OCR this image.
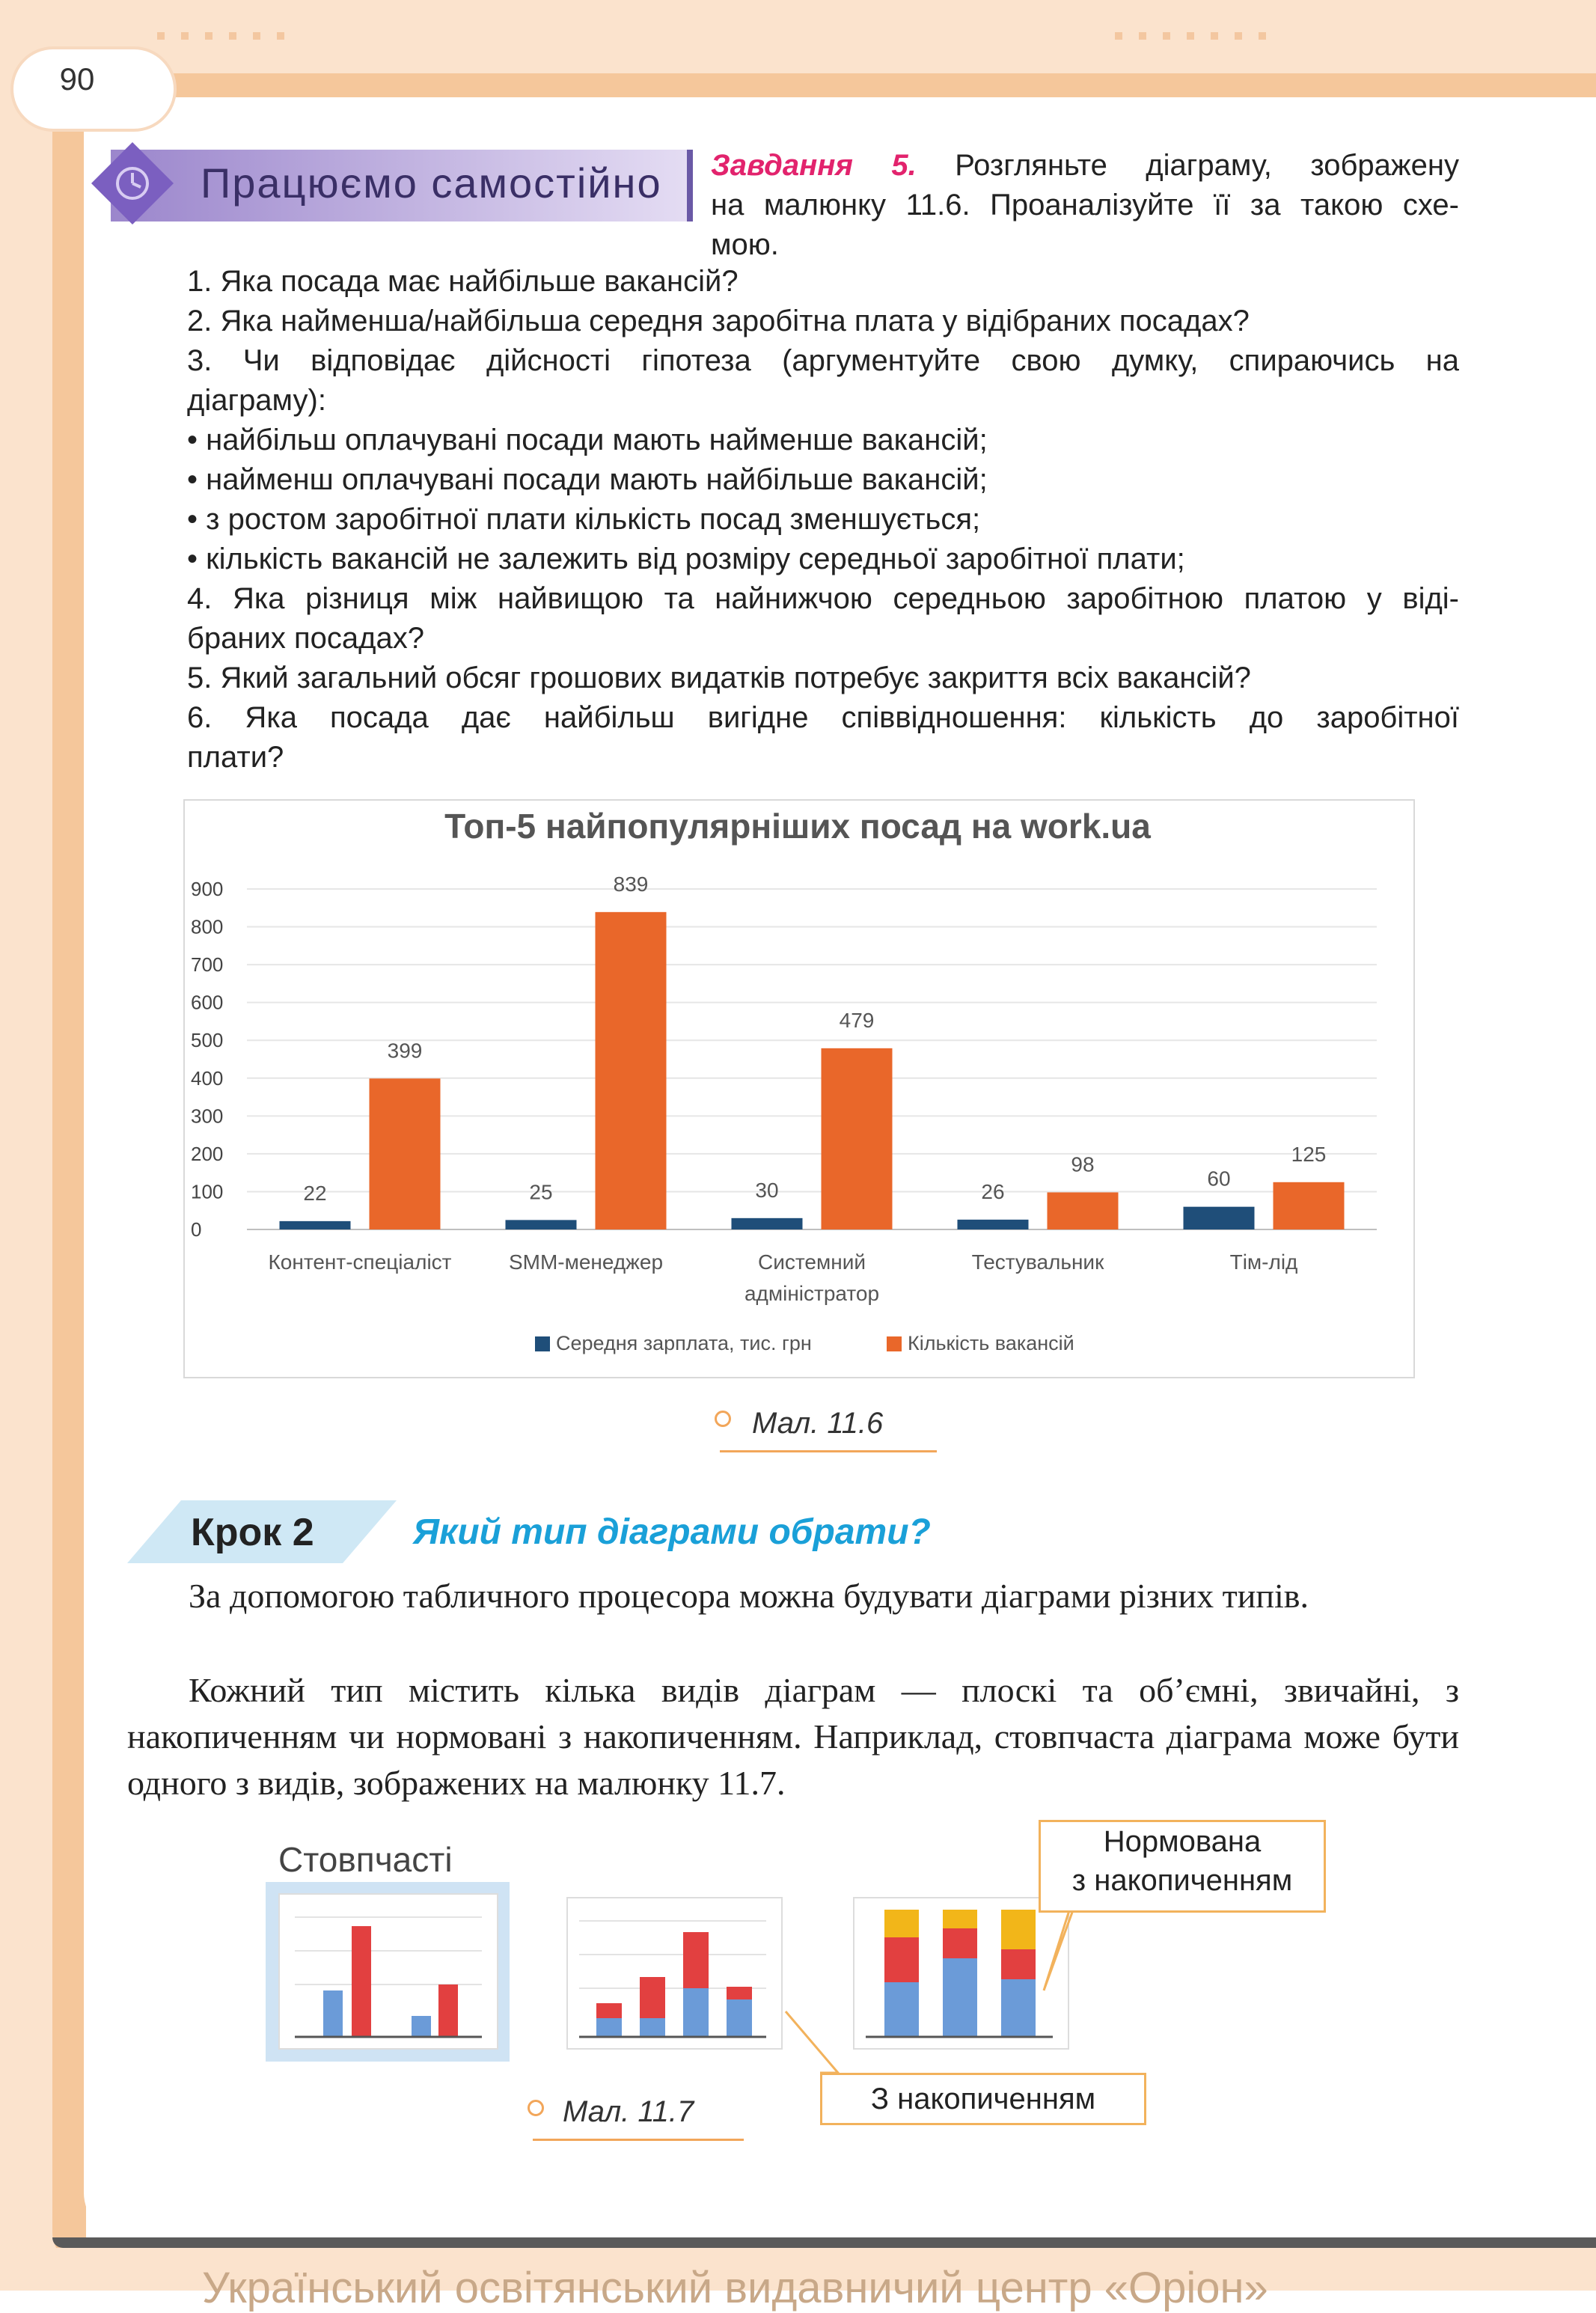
Український освітянський видавничий центр «Оріон»
90
Працюємо самостійно Завдання 5. Розгляньте діаграму, зображену
на малюнку 11.6. Проаналізуйте її за такою схе-
мою.
1. Яка посада має найбільше вакансій?
2. Яка найменша/найбільша середня заробітна плата у відібраних посадах?
3. Чи відповідає дійсності гіпотеза (аргументуйте свою думку, спираючись на
діаграму):
• найбільш оплачувані посади мають найменше вакансій;
• найменш оплачувані посади мають найбільше вакансій;
• з ростом заробітної плати кількість посад зменшується;
• кількість вакансій не залежить від розміру середньої заробітної плати;
4. Яка різниця між найвищою та найнижчою середньою заробітною платою у віді-
браних посадах?
5. Який загальний обсяг грошових видатків потребує закриття всіх вакансій?
6. Яка посада дає найбільш вигідне співвідношення: кількість до заробітної
плати?
Топ-5 найпопулярніших посад на work.ua
0
100
200
300
400
500
600
700
800
900
22
399
Контент-спеціаліст
25
839
SMM-менеджер
30
479
Системний
адміністратор
26
98
Тестувальник
60
125
Тім-лід
Середня зарплата, тис. грн	Кількість вакансій
Мал. 11.6
Крок 2	Який тип діаграми обрати?
За допомогою табличного процесора можна будувати діаграми різних типів.
Кожний тип містить кілька видів діаграм — плоскі та об’ємні, звичайні, з накопиченням чи нормовані з накопиченням. Наприклад, стовпчаста діаграма може бути одного з видів, зображених на малюнку 11.7.
Стовпчасті	Нормована
з накопиченням
З накопиченням
Мал. 11.7
